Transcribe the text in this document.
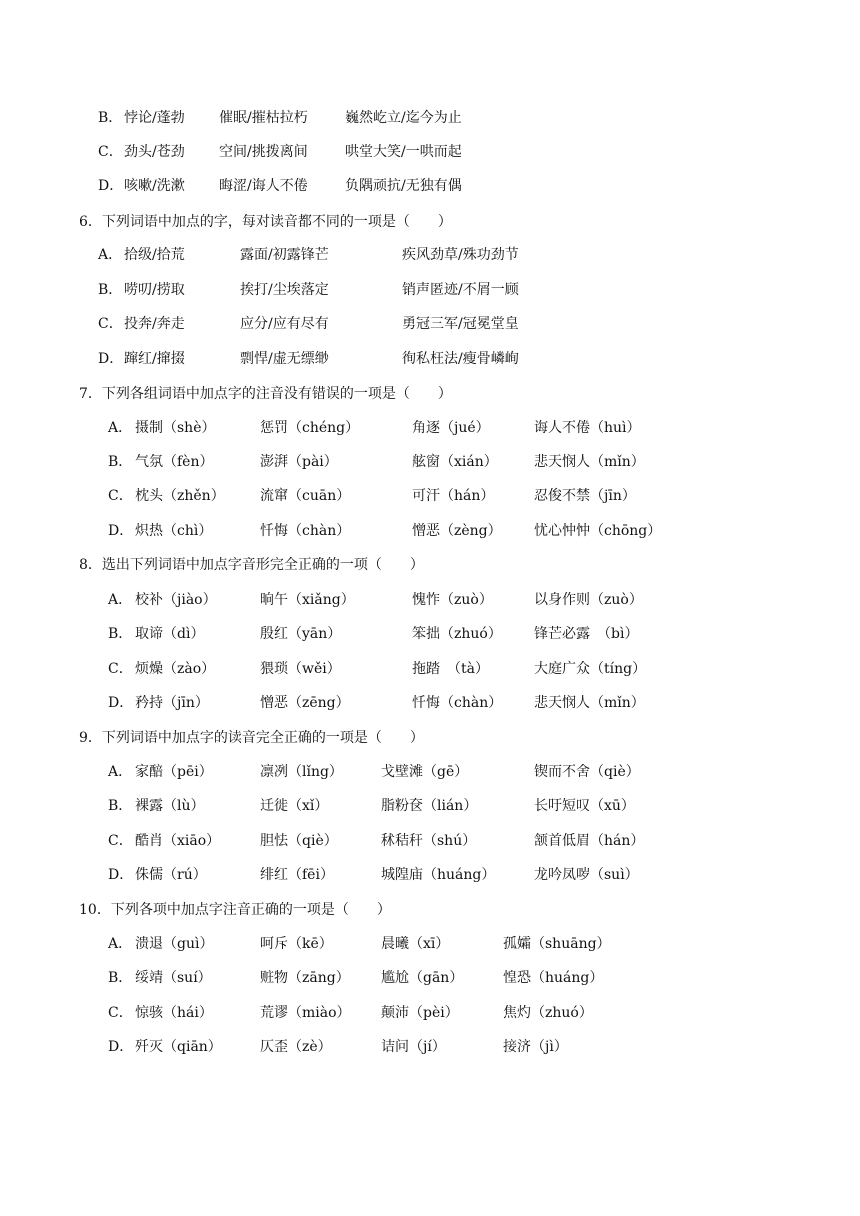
B． 悖论/蓬勃 催眠/摧枯拉朽	巍然屹立/迄今为止
C． 劲头/苍劲 空间/挑拨离间	哄堂大笑/一哄而起
D． 咳嗽/洗漱 晦涩/诲人不倦	负隅顽抗/无独有偶
6．下列词语中加点的字，每对读音都不同的一项是（　　）
A． 拾级/拾荒	露面/初露锋芒	疾风劲草/殊功劲节
B． 唠叨/捞取	挨打/尘埃落定	销声匿迹/不屑一顾
C． 投奔/奔走	应分/应有尽有	勇冠三军/冠冕堂皇
D． 蹿红/撺掇	剽悍/虚无缥缈	徇私枉法/瘦骨嶙峋
7．下列各组词语中加点字的注音没有错误的一项是（　　）
A． 摄制（shè）	惩罚（chéng）	角逐（jué）	诲人不倦（huì）
B． 气氛（fèn）	澎湃（pài）	舷窗（xián）	悲天悯人（mǐn）
C． 枕头（zhěn）	流窜（cuān）	可汗（hán）	忍俊不禁（jīn）
D． 炽热（chì）	忏悔（chàn）	憎恶（zèng） 忧心忡忡（chōng）
8．选出下列词语中加点字音形完全正确的一项（　　）
A． 校补（jiào）	晌午（xiǎng）	愧怍（zuò）	以身作则（zuò）
B． 取谛（dì）	殷红（yān）	笨拙（zhuó） 锋芒必露　（bì）
C． 烦燥（zào）	猥琐（wěi）	拖踏　（tà）	大庭广众（tíng）
D． 矜持（jīn）	憎恶（zēng）	忏悔（chàn） 悲天悯人（mǐn）
9．下列词语中加点字的读音完全正确的一项是（　　）
A． 家醅（pēi）	凛冽（lǐng）	戈壁滩（gē）	锲而不舍（qiè）
B． 裸露（lù）	迁徙（xǐ）	脂粉奁（lián）	长吁短叹（xū）
C． 酷肖（xiāo）	胆怯（qiè）	秫秸秆（shú）	颔首低眉（hán）
D． 侏儒（rú）	绯红（fēi）	城隍庙（huáng）	龙吟凤哕（suì）
10．下列各项中加点字注音正确的一项是（　　）
A． 溃退（guì）	呵斥（kē）	晨曦（xī）	孤孀（shuāng）
B． 绥靖（suí）	赃物（zāng） 尴尬（gān）	惶恐（huáng）
C． 惊骇（hái）	荒谬（miào） 颠沛（pèi）	焦灼（zhuó）
D． 歼灭（qiān）	仄歪（zè）	诘问（jí）	接济（jì）
